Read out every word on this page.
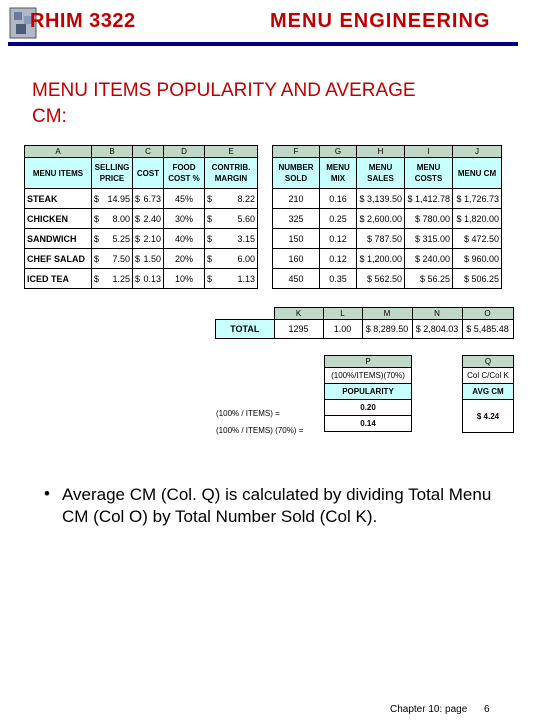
RHIM 3322	MENU ENGINEERING
MENU ITEMS POPULARITY AND AVERAGE CM:
A	B	C	D	E		F	G	H	I	J
MENU ITEMS	SELLING PRICE	COST	FOOD COST %	CONTRIB. MARGIN		NUMBER SOLD	MENU MIX	MENU SALES	MENU COSTS	MENU CM
STEAK	$ 14.95	$ 6.73	45%	$ 8.22		210	0.16	$ 3,139.50	$ 1,412.78	$ 1,726.73
CHICKEN	$ 8.00	$ 2.40	30%	$ 5.60		325	0.25	$ 2,600.00	$ 780.00	$ 1,820.00
SANDWICH	$ 5.25	$ 2.10	40%	$ 3.15		150	0.12	$ 787.50	$ 315.00	$ 472.50
CHEF SALAD	$ 7.50	$ 1.50	20%	$ 6.00		160	0.12	$ 1,200.00	$ 240.00	$ 960.00
ICED TEA	$ 1.25	$ 0.13	10%	$ 1.13		450	0.35	$ 562.50	$ 56.25	$ 506.25
	K	L	M	N	O
TOTAL	1295	1.00	$ 8,289.50	$ 2,804.03	$ 5,485.48
P
(100%/ITEMS)(70%)
POPULARITY
0.20
0.14
Q
Col C/Col K
AVG CM
$ 4.24
(100% / ITEMS) =
(100% / ITEMS) (70%) =
• Average CM (Col. Q) is calculated by dividing Total Menu CM (Col O) by Total Number Sold (Col K).
Chapter 10: page 6
